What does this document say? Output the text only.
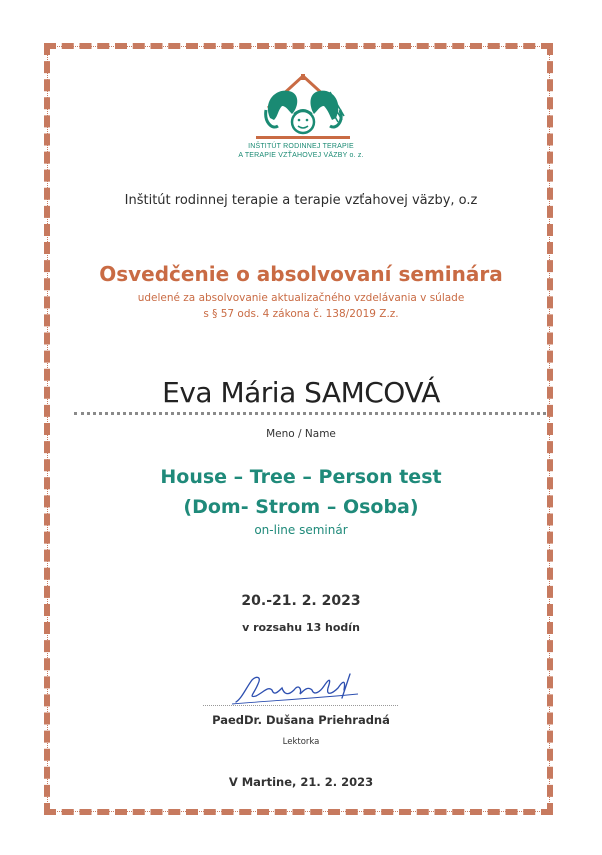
INŠTITÚT RODINNEJ TERAPIE
A TERAPIE VZŤAHOVEJ VÄZBY o. z.
Inštitút rodinnej terapie a terapie vzťahovej väzby, o.z
Osvedčenie o absolvovaní seminára
udelené za absolvovanie aktualizačného vzdelávania v súlade
s § 57 ods. 4 zákona č. 138/2019 Z.z.
Eva Mária SAMCOVÁ
Meno / Name
House – Tree – Person test
(Dom- Strom – Osoba)
on-line seminár
20.-21. 2. 2023
v rozsahu 13 hodín
PaedDr. Dušana Priehradná
Lektorka
V Martine, 21. 2. 2023
